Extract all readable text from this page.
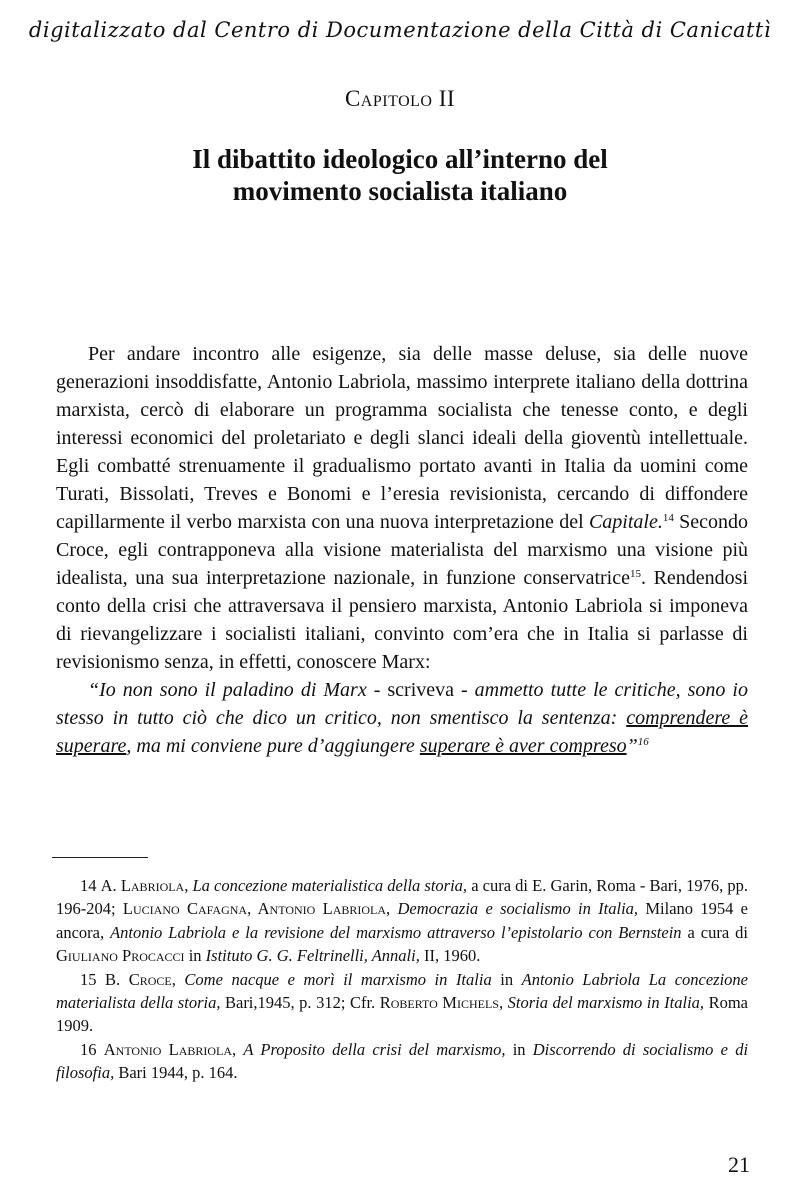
digitalizzato dal Centro di Documentazione della Città di Canicattì
Capitolo II
Il dibattito ideologico all’interno del
movimento socialista italiano

Per andare incontro alle esigenze, sia delle masse deluse, sia delle nuove generazioni insoddisfatte, Antonio Labriola, massimo interprete italiano della dottrina marxista, cercò di elaborare un programma socialista che tenesse conto, e degli interessi economici del proletariato e degli slanci ideali della gioventù intellettuale. Egli combatté strenuamente il gradualismo portato avanti in Italia da uomini come Turati, Bissolati, Treves e Bonomi e l’eresia revisionista, cercando di diffondere capillarmente il verbo marxista con una nuova interpretazione del Capitale.$^{14}$ Secondo Croce, egli contrapponeva alla visione materialista del marxismo una visione più idealista, una sua interpretazione nazionale, in funzione conservatrice$^{15}$. Rendendosi conto della crisi che attraversava il pensiero marxista, Antonio Labriola si imponeva di rievangelizzare i socialisti italiani, convinto com’era che in Italia si parlasse di revisionismo senza, in effetti, conoscere Marx:

“Io non sono il paladino di Marx - scriveva - ammetto tutte le critiche, sono io stesso in tutto ciò che dico un critico, non smentisco la sentenza: comprendere è superare, ma mi conviene pure d’aggiungere superare è aver compreso”$^{16}$

14 A. Labriola, La concezione materialistica della storia, a cura di E. Garin, Roma - Bari, 1976, pp. 196-204; Luciano Cafagna, Antonio Labriola, Democrazia e socialismo in Italia, Milano 1954 e ancora, Antonio Labriola e la revisione del marxismo attraverso l’epistolario con Bernstein a cura di Giuliano Procacci in Istituto G. G. Feltrinelli, Annali, II, 1960.

15 B. Croce, Come nacque e morì il marxismo in Italia in Antonio Labriola La concezione materialista della storia, Bari,1945, p. 312; Cfr. Roberto Michels, Storia del marxismo in Italia, Roma 1909.

16 Antonio Labriola, A Proposito della crisi del marxismo, in Discorrendo di socialismo e di filosofia, Bari 1944, p. 164.

21
